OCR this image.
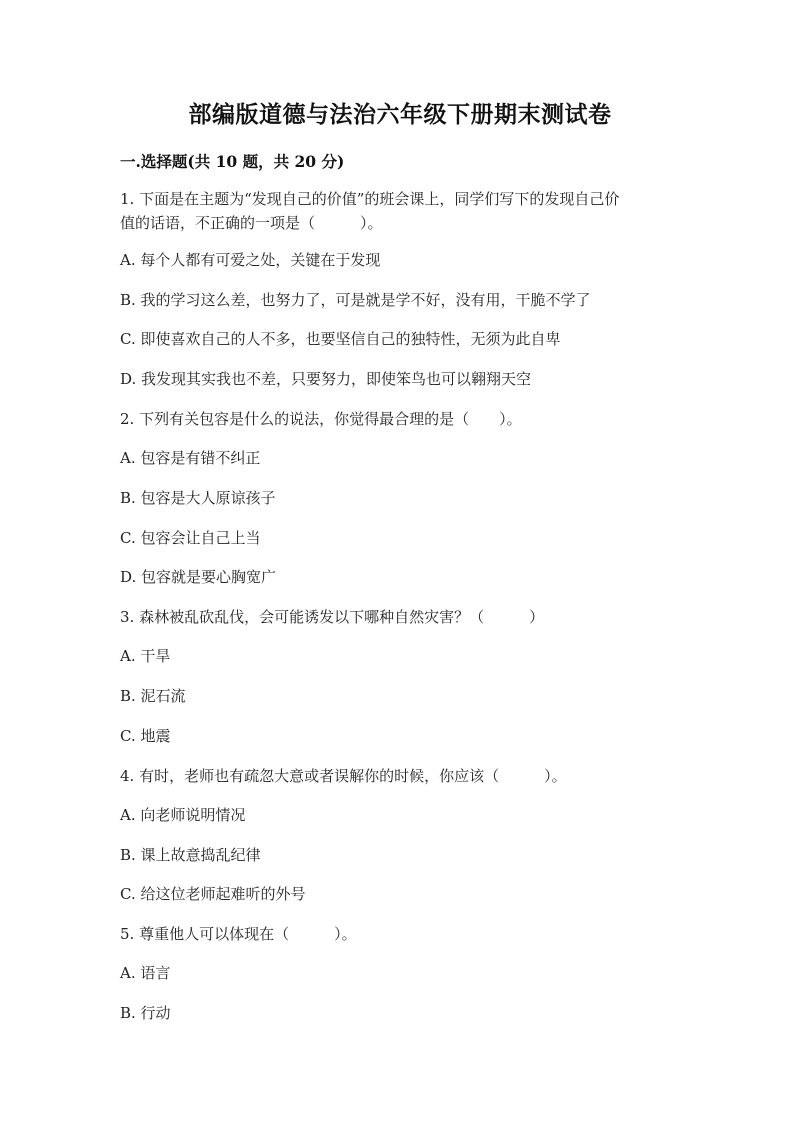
部编版道德与法治六年级下册期末测试卷
一.选择题(共 10 题，共 20 分)
1. 下面是在主题为“发现自己的价值”的班会课上，同学们写下的发现自己价
值的话语，不正确的一项是（　　　）。
A. 每个人都有可爱之处，关键在于发现
B. 我的学习这么差，也努力了，可是就是学不好，没有用，干脆不学了
C. 即使喜欢自己的人不多，也要坚信自己的独特性，无须为此自卑
D. 我发现其实我也不差，只要努力，即使笨鸟也可以翱翔天空
2. 下列有关包容是什么的说法，你觉得最合理的是（　　）。
A. 包容是有错不纠正
B. 包容是大人原谅孩子
C. 包容会让自己上当
D. 包容就是要心胸宽广
3. 森林被乱砍乱伐，会可能诱发以下哪种自然灾害？（　　　）
A. 干旱
B. 泥石流
C. 地震
4. 有时，老师也有疏忽大意或者误解你的时候，你应该（　　　）。
A. 向老师说明情况
B. 课上故意捣乱纪律
C. 给这位老师起难听的外号
5. 尊重他人可以体现在（　　　）。
A. 语言
B. 行动
